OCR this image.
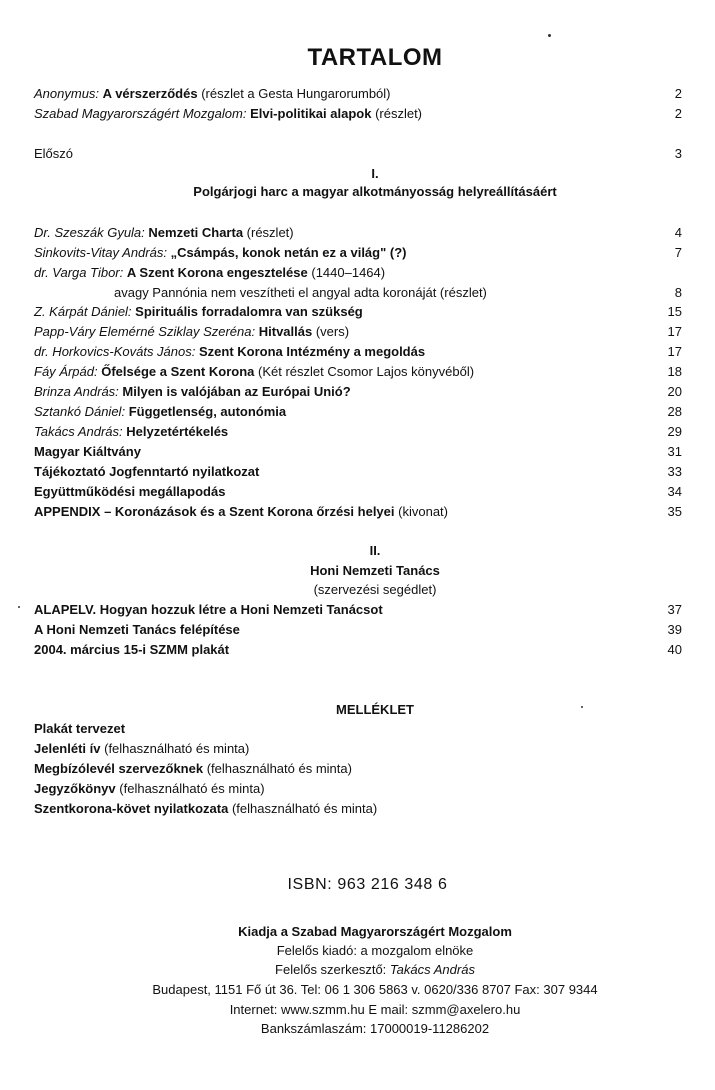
TARTALOM
Anonymus: A vérszerződés (részlet a Gesta Hungarorumból)	2
Szabad Magyarországért Mozgalom: Elvi-politikai alapok (részlet)	2
Előszó	3
I.
Polgárjogi harc a magyar alkotmányosság helyreállításáért
Dr. Szeszák Gyula: Nemzeti Charta (részlet)	4
Sinkovits-Vitay András: „Csámpás, konok netán ez a világ" (?)	7
dr. Varga Tibor: A Szent Korona engesztelése (1440–1464)
avagy Pannónia nem veszítheti el angyal adta koronáját (részlet)	8
Z. Kárpát Dániel: Spirituális forradalomra van szükség	15
Papp-Váry Elemérné Sziklay Szeréna: Hitvallás (vers)	17
dr. Horkovics-Kováts János: Szent Korona Intézmény a megoldás	17
Fáy Árpád: Őfelsége a Szent Korona (Két részlet Csomor Lajos könyvéből)	18
Brinza András: Milyen is valójában az Európai Unió?	20
Sztankó Dániel: Függetlenség, autonómia	28
Takács András: Helyzetértékelés	29
Magyar Kiáltvány	31
Tájékoztató Jogfenntartó nyilatkozat	33
Együttműködési megállapodás	34
APPENDIX – Koronázások és a Szent Korona őrzési helyei (kivonat)	35
II.
Honi Nemzeti Tanács
(szervezési segédlet)
ALAPELV. Hogyan hozzuk létre a Honi Nemzeti Tanácsot	37
A Honi Nemzeti Tanács felépítése	39
2004. március 15-i SZMM plakát	40
MELLÉKLET
Plakát tervezet
Jelenléti ív (felhasználható és minta)
Megbízólevél szervezőknek (felhasználható és minta)
Jegyzőkönyv (felhasználható és minta)
Szentkorona-követ nyilatkozata (felhasználható és minta)
ISBN: 963 216 348 6
Kiadja a Szabad Magyarországért Mozgalom
Felelős kiadó: a mozgalom elnöke
Felelős szerkesztő: Takács András
Budapest, 1151 Fő út 36. Tel: 06 1 306 5863 v. 0620/336 8707 Fax: 307 9344
Internet: www.szmm.hu E mail: szmm@axelero.hu
Bankszámlaszám: 17000019-11286202
